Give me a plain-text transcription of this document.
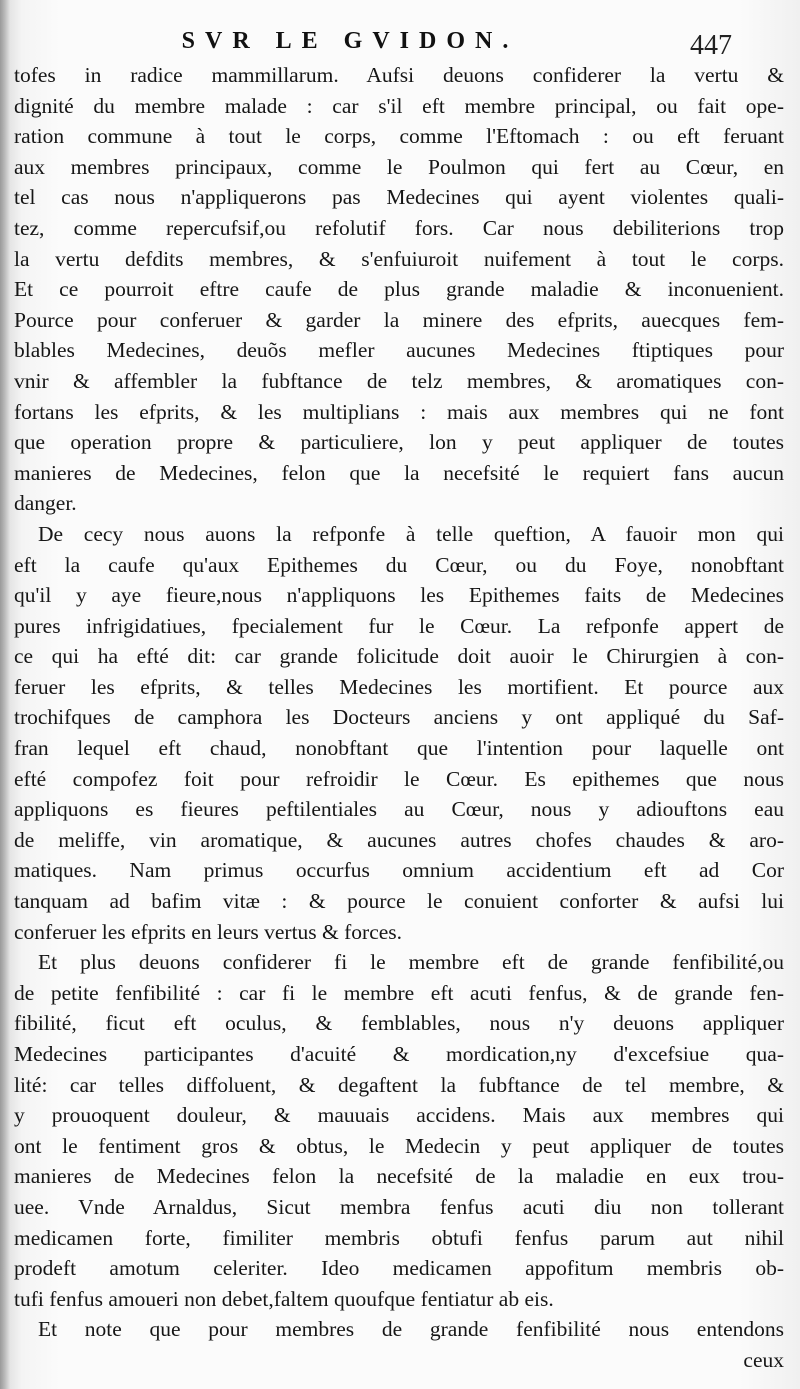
SVR LE GVIDON.	447
tofes in radice mammillarum. Aufsi deuons confiderer la vertu &
dignité du membre malade : car s'il eft membre principal, ou fait ope-
ration commune à tout le corps, comme l'Eftomach : ou eft feruant
aux membres principaux, comme le Poulmon qui fert au Cœur, en
tel cas nous n'appliquerons pas Medecines qui ayent violentes quali-
tez, comme repercufsif,ou refolutif fors. Car nous debiliterions trop
la vertu defdits membres, & s'enfuiuroit nuifement à tout le corps.
Et ce pourroit eftre caufe de plus grande maladie & inconuenient.
Pource pour conferuer & garder la minere des efprits, auecques fem-
blables Medecines, deuõs mefler aucunes Medecines ftiptiques pour
vnir & affembler la fubftance de telz membres, & aromatiques con-
fortans les efprits, & les multiplians : mais aux membres qui ne font
que operation propre & particuliere, lon y peut appliquer de toutes
manieres de Medecines, felon que la necefsité le requiert fans aucun
danger.
De cecy nous auons la refponfe à telle queftion, A fauoir mon qui
eft la caufe qu'aux Epithemes du Cœur, ou du Foye, nonobftant
qu'il y aye fieure,nous n'appliquons les Epithemes faits de Medecines
pures infrigidatiues, fpecialement fur le Cœur. La refponfe appert de
ce qui ha efté dit: car grande folicitude doit auoir le Chirurgien à con-
feruer les efprits, & telles Medecines les mortifient. Et pource aux
trochifques de camphora les Docteurs anciens y ont appliqué du Saf-
fran lequel eft chaud, nonobftant que l'intention pour laquelle ont
efté compofez foit pour refroidir le Cœur. Es epithemes que nous
appliquons es fieures peftilentiales au Cœur, nous y adiouftons eau
de meliffe, vin aromatique, & aucunes autres chofes chaudes & aro-
matiques. Nam primus occurfus omnium accidentium eft ad Cor
tanquam ad bafim vitæ : & pource le conuient conforter & aufsi lui
conferuer les efprits en leurs vertus & forces.
Et plus deuons confiderer fi le membre eft de grande fenfibilité,ou
de petite fenfibilité : car fi le membre eft acuti fenfus, & de grande fen-
fibilité, ficut eft oculus, & femblables, nous n'y deuons appliquer
Medecines participantes d'acuité & mordication,ny d'excefsiue qua-
lité: car telles diffoluent, & degaftent la fubftance de tel membre, &
y prouoquent douleur, & mauuais accidens. Mais aux membres qui
ont le fentiment gros & obtus, le Medecin y peut appliquer de toutes
manieres de Medecines felon la necefsité de la maladie en eux trou-
uee. Vnde Arnaldus, Sicut membra fenfus acuti diu non tollerant
medicamen forte, fimiliter membris obtufi fenfus parum aut nihil
prodeft amotum celeriter. Ideo medicamen appofitum membris ob-
tufi fenfus amoueri non debet,faltem quoufque fentiatur ab eis.
Et note que pour membres de grande fenfibilité nous entendons
ceux
